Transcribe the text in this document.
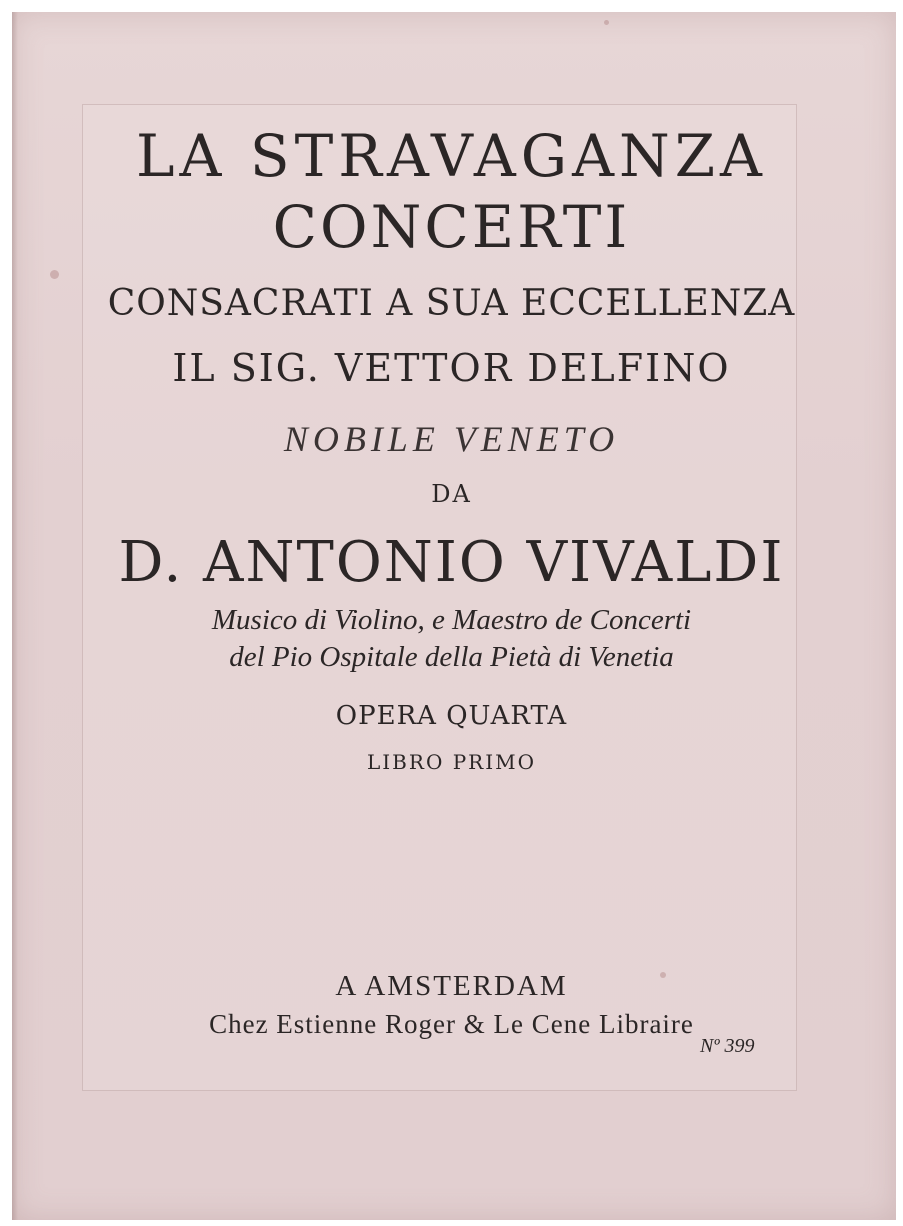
LA STRAVAGANZA
CONCERTI
CONSACRATI A SUA ECCELLENZA
IL SIG. VETTOR DELFINO
NOBILE VENETO
DA
D. ANTONIO VIVALDI
Musico di Violino, e Maestro de Concerti
del Pio Ospitale della Pietà di Venetia
OPERA QUARTA
LIBRO PRIMO
A AMSTERDAM
Chez Estienne Roger & Le Cene Libraire
Nº 399
